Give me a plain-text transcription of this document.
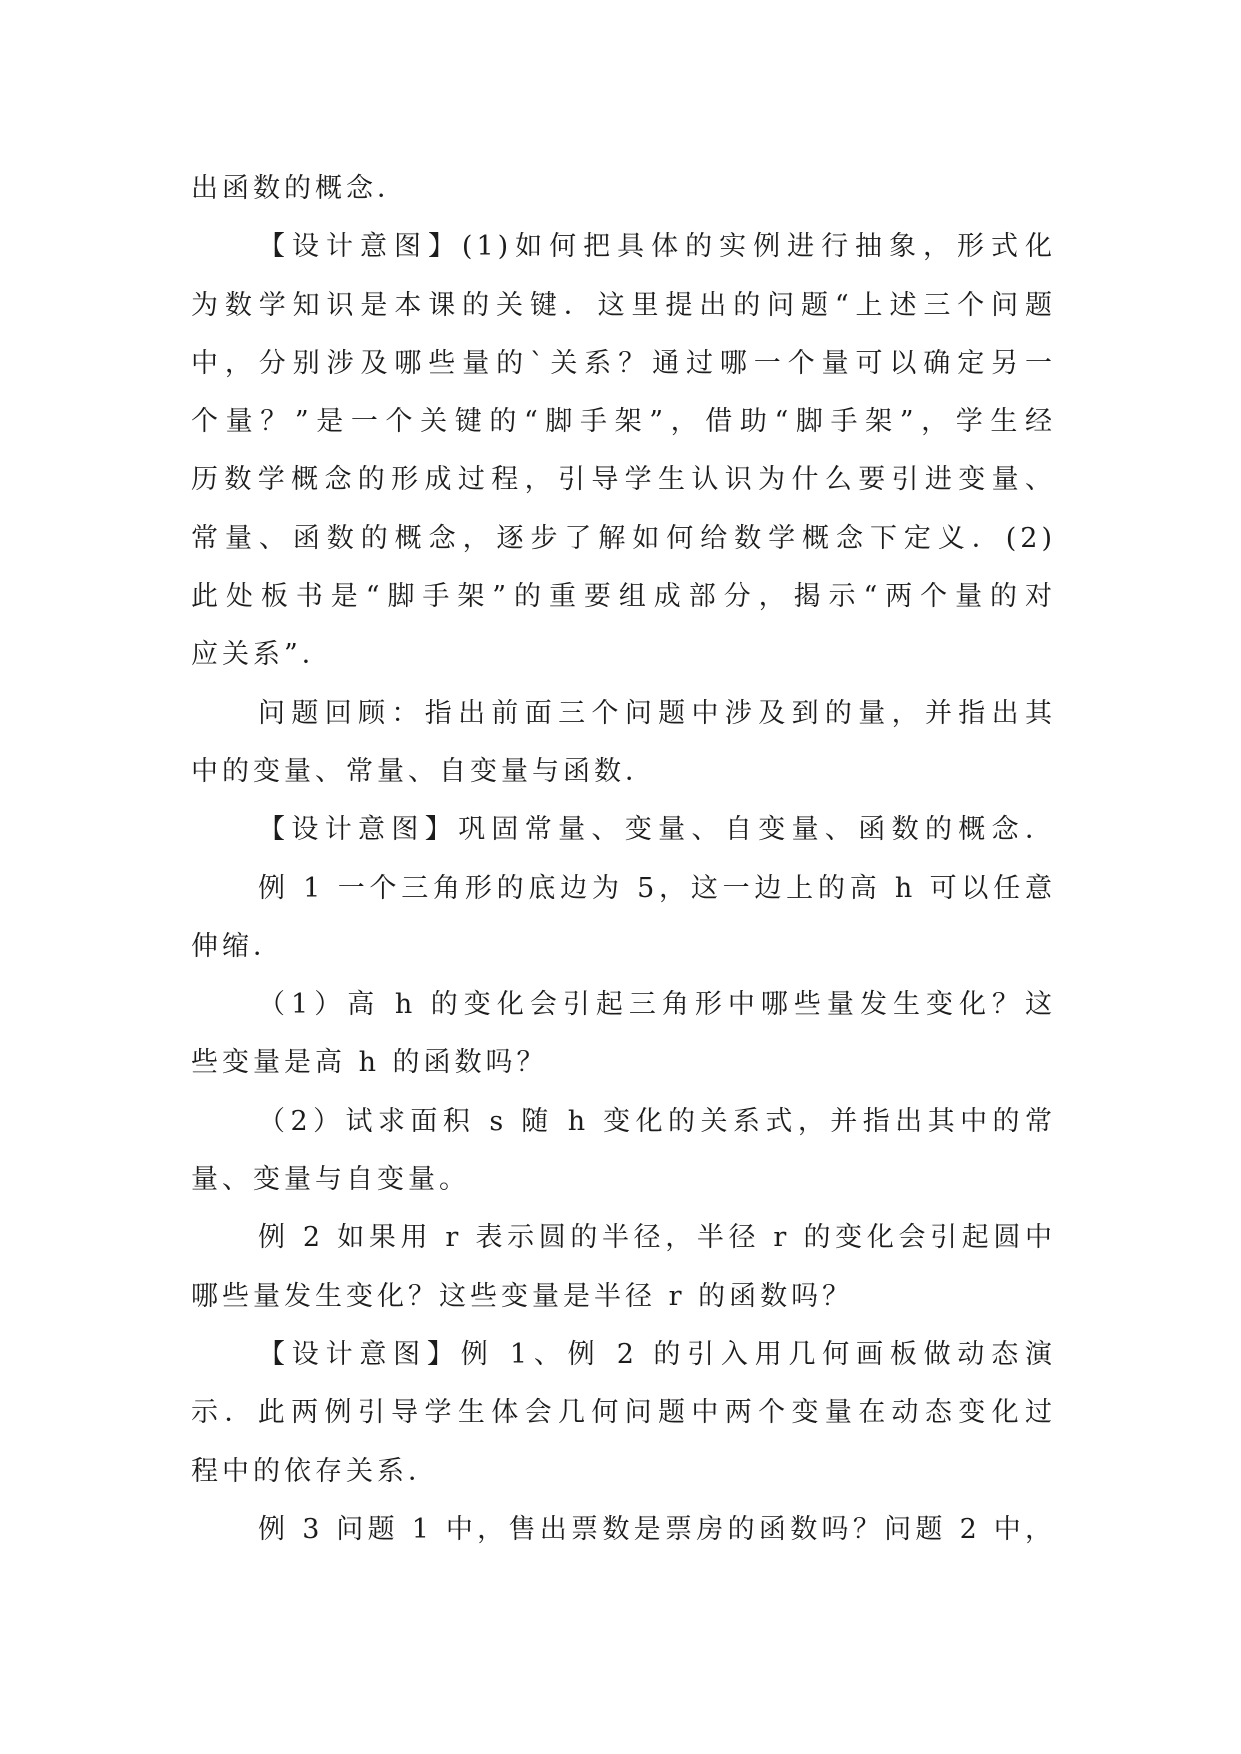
出函数的概念．
【设计意图】(1)如何把具体的实例进行抽象，形式化
为数学知识是本课的关键．这里提出的问题“上述三个问题
中，分别涉及哪些量的`关系？通过哪一个量可以确定另一
个量？”是一个关键的“脚手架”，借助“脚手架”，学生经
历数学概念的形成过程，引导学生认识为什么要引进变量、
常量、函数的概念，逐步了解如何给数学概念下定义．(2)
此处板书是“脚手架”的重要组成部分，揭示“两个量的对
应关系”．
问题回顾：指出前面三个问题中涉及到的量，并指出其
中的变量、常量、自变量与函数．
【设计意图】巩固常量、变量、自变量、函数的概念．
例 1 一个三角形的底边为 5，这一边上的高 h 可以任意
伸缩．
（1）高 h 的变化会引起三角形中哪些量发生变化？这
些变量是高 h 的函数吗？
（2）试求面积 s 随 h 变化的关系式，并指出其中的常
量、变量与自变量。
例 2 如果用 r 表示圆的半径，半径 r 的变化会引起圆中
哪些量发生变化？这些变量是半径 r 的函数吗？
【设计意图】例 1、例 2 的引入用几何画板做动态演
示．此两例引导学生体会几何问题中两个变量在动态变化过
程中的依存关系．
例 3 问题 1 中，售出票数是票房的函数吗？问题 2 中，
